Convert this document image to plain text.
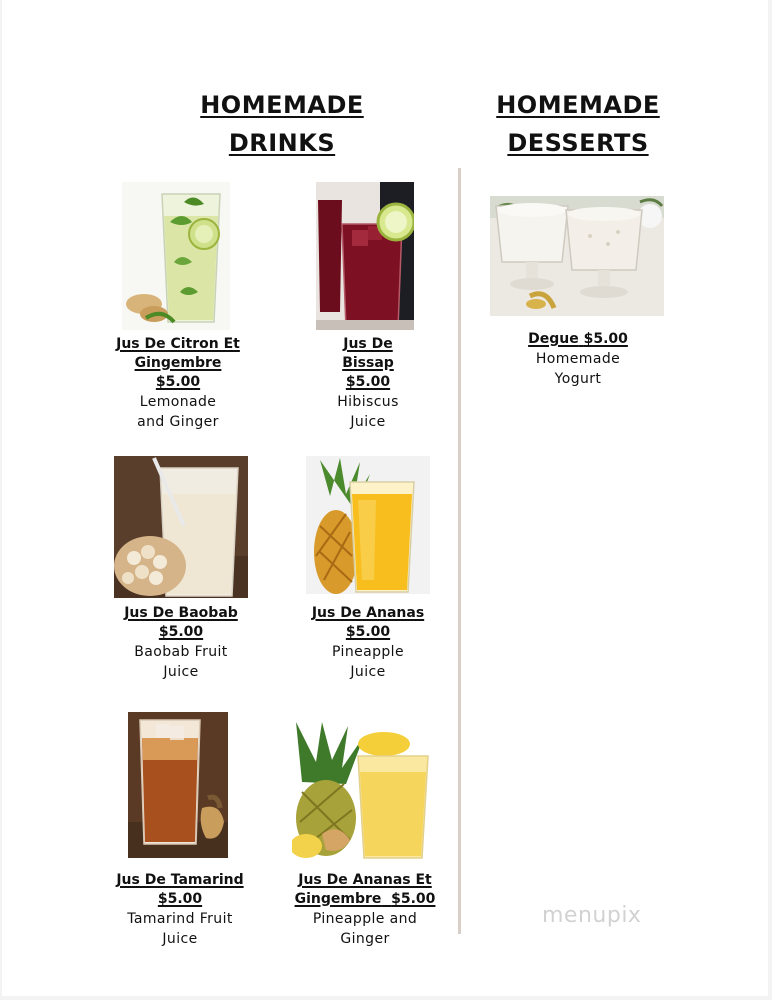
HOMEMADE
DRINKS
HOMEMADE
DESSERTS
Jus De Citron Et
Gingembre
$5.00
Lemonade
and Ginger
Jus De
Bissap
$5.00
Hibiscus
Juice
Jus De Baobab
$5.00
Baobab Fruit
Juice
Jus De Ananas
$5.00
Pineapple
Juice
Jus De Tamarind
$5.00
Tamarind Fruit
Juice
Jus De Ananas Et
Gingembre $5.00
Pineapple and
Ginger
Degue $5.00
Homemade
Yogurt
menupix
